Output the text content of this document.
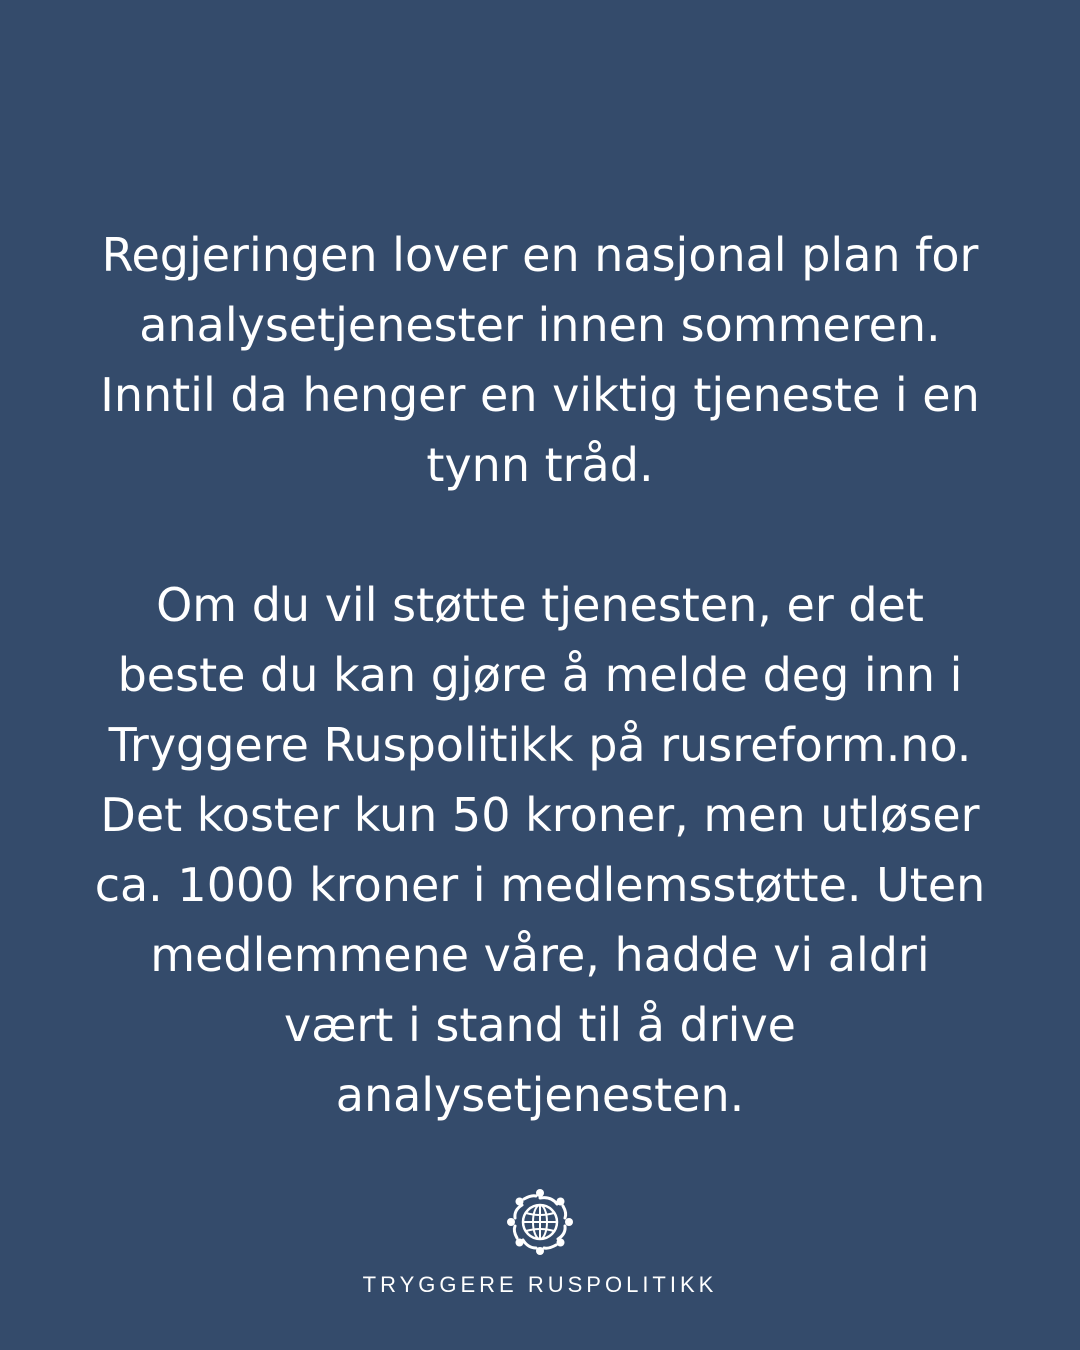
Regjeringen lover en nasjonal plan for analysetjenester innen sommeren. Inntil da henger en viktig tjeneste i en tynn tråd.

Om du vil støtte tjenesten, er det beste du kan gjøre å melde deg inn i Tryggere Ruspolitikk på rusreform.no. Det koster kun 50 kroner, men utløser ca. 1000 kroner i medlemsstøtte. Uten medlemmene våre, hadde vi aldri vært i stand til å drive analysetjenesten.

TRYGGERE RUSPOLITIKK
